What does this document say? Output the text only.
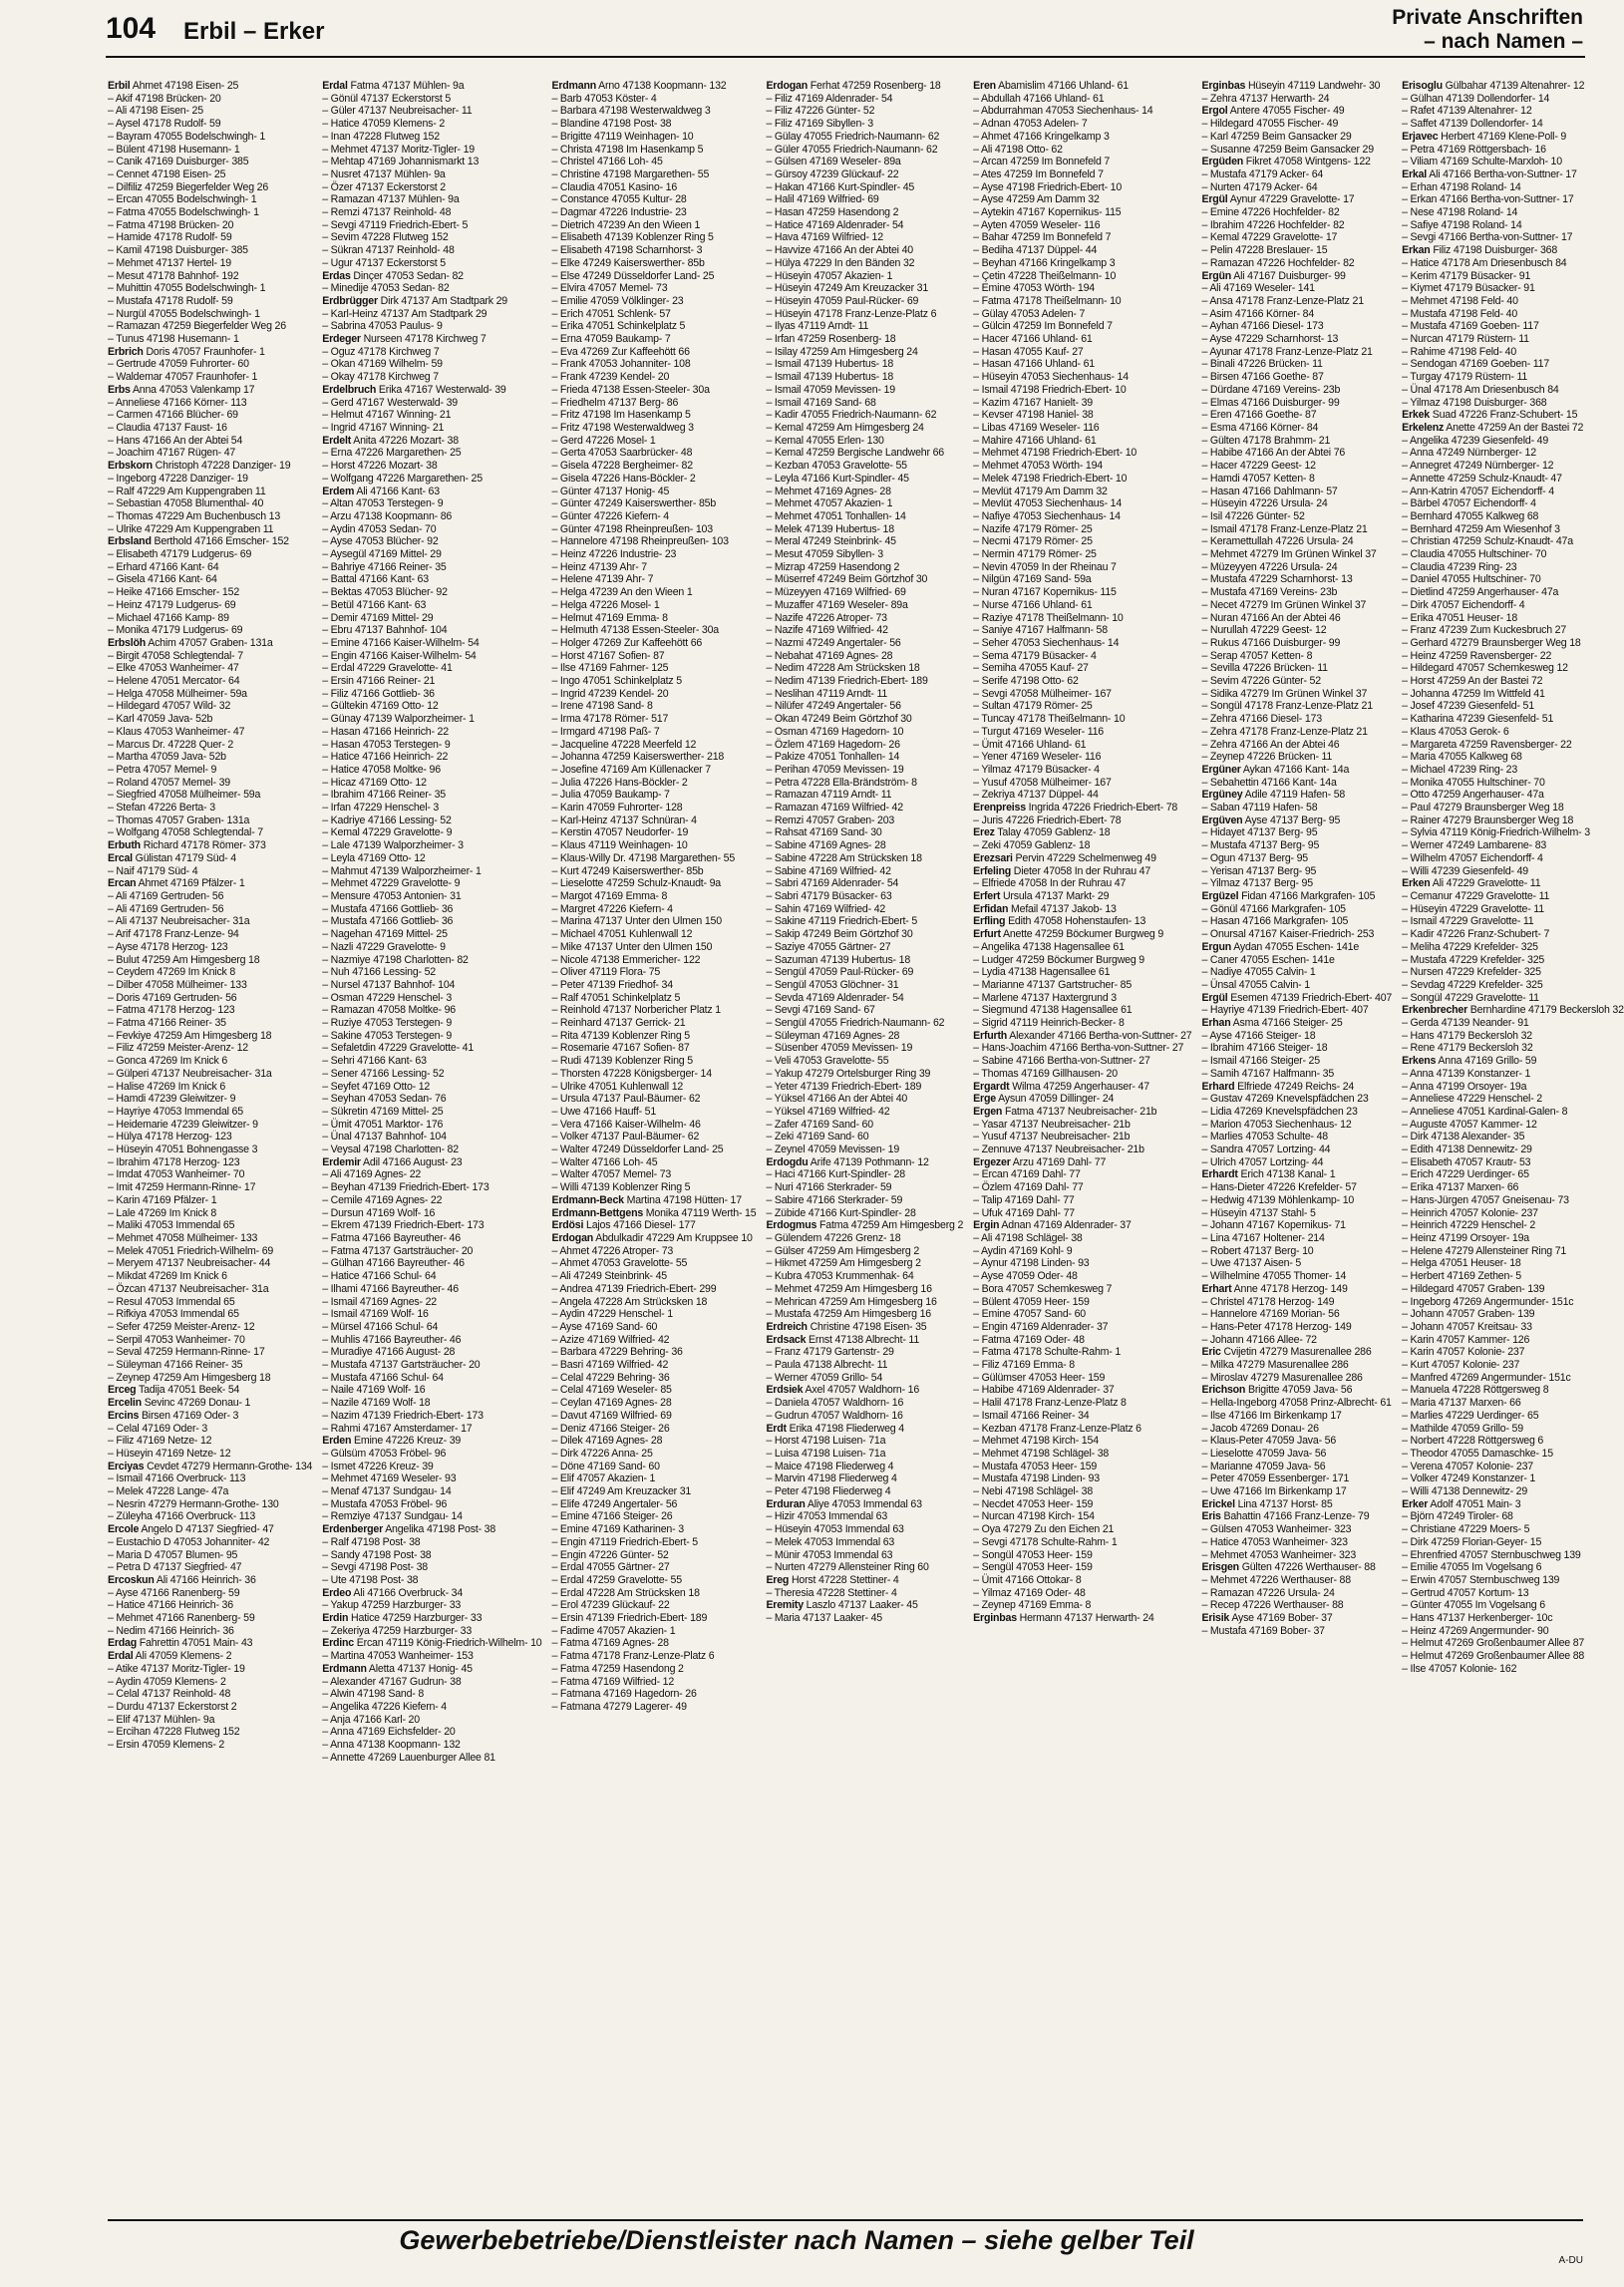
104 Erbil – Erker
Private Anschriften
– nach Namen –
Erbil Ahmet 47198 Eisen- 25
– Akif 47198 Brücken- 20
– Ali 47198 Eisen- 25
– Aysel 47178 Rudolf- 59
– Bayram 47055 Bodelschwingh- 1
– Bülent 47198 Husemann- 1
– Canik 47169 Duisburger- 385
– Cennet 47198 Eisen- 25
– Dilfiliz 47259 Biegerfelder Weg 26
– Ercan 47055 Bodelschwingh- 1
– Fatma 47055 Bodelschwingh- 1
– Fatma 47198 Brücken- 20
– Hamide 47178 Rudolf- 59
– Kamil 47198 Duisburger- 385
– Mehmet 47137 Hertel- 19
– Mesut 47178 Bahnhof- 192
– Muhittin 47055 Bodelschwingh- 1
– Mustafa 47178 Rudolf- 59
– Nurgül 47055 Bodelschwingh- 1
– Ramazan 47259 Biegerfelder Weg 26
– Tunus 47198 Husemann- 1
Erbrich Doris 47057 Fraunhofer- 1
– Gertrude 47059 Fuhrorter- 60
– Waldemar 47057 Fraunhofer- 1
Erbs Anna 47053 Valenkamp 17
– Anneliese 47166 Körner- 113
– Carmen 47166 Blücher- 69
– Claudia 47137 Faust- 16
– Hans 47166 An der Abtei 54
– Joachim 47167 Rügen- 47
Erbskorn Christoph 47228 Danziger- 19
– Ingeborg 47228 Danziger- 19
– Ralf 47229 Am Kuppengraben 11
– Sebastian 47058 Blumenthal- 40
– Thomas 47229 Am Buchenbusch 13
– Ulrike 47229 Am Kuppengraben 11
Erbsland Berthold 47166 Emscher- 152
– Elisabeth 47179 Ludgerus- 69
– Erhard 47166 Kant- 64
– Gisela 47166 Kant- 64
– Heike 47166 Emscher- 152
– Heinz 47179 Ludgerus- 69
– Michael 47166 Kamp- 89
– Monika 47179 Ludgerus- 69
Erbslöh Achim 47057 Graben- 131a
– Birgit 47058 Schlegtendal- 7
– Elke 47053 Wanheimer- 47
– Helene 47051 Mercator- 64
– Helga 47058 Mülheimer- 59a
– Hildegard 47057 Wild- 32
– Karl 47059 Java- 52b
– Klaus 47053 Wanheimer- 47
– Marcus Dr. 47228 Quer- 2
– Martha 47059 Java- 52b
– Petra 47057 Memel- 9
– Roland 47057 Memel- 39
– Siegfried 47058 Mülheimer- 59a
– Stefan 47226 Berta- 3
– Thomas 47057 Graben- 131a
– Wolfgang 47058 Schlegtendal- 7
Erbuth Richard 47178 Römer- 373
Ercal Gülistan 47179 Süd- 4
– Naif 47179 Süd- 4
Ercan Ahmet 47169 Pfälzer- 1
– Ali 47169 Gertruden- 56
– Ali 47169 Gertruden- 56
– Ali 47137 Neubreisacher- 31a
– Arif 47178 Franz-Lenze- 94
– Ayse 47178 Herzog- 123
– Bulut 47259 Am Himgesberg 18
– Ceydem 47269 Im Knick 8
– Dilber 47058 Mülheimer- 133
– Doris 47169 Gertruden- 56
– Fatma 47178 Herzog- 123
– Fatma 47166 Reiner- 35
– Fevkiye 47259 Am Himgesberg 18
– Filiz 47259 Meister-Arenz- 12
– Gonca 47269 Im Knick 6
– Gülperi 47137 Neubreisacher- 31a
– Halise 47269 Im Knick 6
– Hamdi 47239 Gleiwitzer- 9
– Hayriye 47053 Immendal 65
– Heidemarie 47239 Gleiwitzer- 9
– Hülya 47178 Herzog- 123
– Hüseyin 47051 Bohnengasse 3
– Ibrahim 47178 Herzog- 123
– Imdat 47053 Wanheimer- 70
– Imit 47259 Hermann-Rinne- 17
– Karin 47169 Pfälzer- 1
– Lale 47269 Im Knick 8
– Maliki 47053 Immendal 65
– Mehmet 47058 Mülheimer- 133
– Melek 47051 Friedrich-Wilhelm- 69
– Meryem 47137 Neubreisacher- 44
– Mikdat 47269 Im Knick 6
– Özcan 47137 Neubreisacher- 31a
– Resul 47053 Immendal 65
– Rifkiya 47053 Immendal 65
– Sefer 47259 Meister-Arenz- 12
– Serpil 47053 Wanheimer- 70
– Seval 47259 Hermann-Rinne- 17
– Süleyman 47166 Reiner- 35
– Zeynep 47259 Am Himgesberg 18
Erceg Tadija 47051 Beek- 54
Ercelin Sevinc 47269 Donau- 1
Ercins Birsen 47169 Oder- 3
– Celal 47169 Oder- 3
– Filiz 47169 Netze- 12
– Hüseyin 47169 Netze- 12
Erciyas Cevdet 47279 Hermann-Grothe- 134
– Ismail 47166 Overbruck- 113
– Melek 47228 Lange- 47a
– Nesrin 47279 Hermann-Grothe- 130
– Züleyha 47166 Overbruck- 113
Ercole Angelo D 47137 Siegfried- 47
– Eustachio D 47053 Johanniter- 42
– Maria D 47057 Blumen- 95
– Petra D 47137 Siegfried- 47
Ercoskun Ali 47166 Heinrich- 36
– Ayse 47166 Ranenberg- 59
– Hatice 47166 Heinrich- 36
– Mehmet 47166 Ranenberg- 59
– Nedim 47166 Heinrich- 36
Erdag Fahrettin 47051 Main- 43
Erdal Ali 47059 Klemens- 2
– Atike 47137 Moritz-Tigler- 19
– Aydin 47059 Klemens- 2
– Celal 47137 Reinhold- 48
– Durdu 47137 Eckerstorst 2
– Elif 47137 Mühlen- 9a
– Ercihan 47228 Flutweg 152
– Ersin 47059 Klemens- 2
Erdal Fatma 47137 Mühlen- 9a
– Gönül 47137 Eckerstorst 5
– Güler 47137 Neubreisacher- 11
– Hatice 47059 Klemens- 2
– Inan 47228 Flutweg 152
– Mehmet 47137 Moritz-Tigler- 19
– Mehtap 47169 Johannismarkt 13
– Nusret 47137 Mühlen- 9a
– Özer 47137 Eckerstorst 2
– Ramazan 47137 Mühlen- 9a
– Remzi 47137 Reinhold- 48
– Sevgi 47119 Friedrich-Ebert- 5
– Sevim 47228 Flutweg 152
– Sükran 47137 Reinhold- 48
– Ugur 47137 Eckerstorst 5
Erdas Dinçer 47053 Sedan- 82
– Minedije 47053 Sedan- 82
Erdbrügger Dirk 47137 Am Stadtpark 29
– Karl-Heinz 47137 Am Stadtpark 29
– Sabrina 47053 Paulus- 9
Erdeger Nurseen 47178 Kirchweg 7
– Oguz 47178 Kirchweg 7
– Okan 47169 Wilhelm- 59
– Okay 47178 Kirchweg 7
Erdelbruch Erika 47167 Westerwald- 39
– Gerd 47167 Westerwald- 39
– Helmut 47167 Winning- 21
– Ingrid 47167 Winning- 21
Erdelt Anita 47226 Mozart- 38
– Erna 47226 Margarethen- 25
– Horst 47226 Mozart- 38
– Wolfgang 47226 Margarethen- 25
Erdem Ali 47166 Kant- 63
– Altan 47053 Terstegen- 9
– Arzu 47138 Koopmann- 86
– Aydin 47053 Sedan- 70
– Ayse 47053 Blücher- 92
– Aysegül 47169 Mittel- 29
– Bahriye 47166 Reiner- 35
– Battal 47166 Kant- 63
– Bektas 47053 Blücher- 92
– Betül 47166 Kant- 63
– Demir 47169 Mittel- 29
– Ebru 47137 Bahnhof- 104
– Emine 47166 Kaiser-Wilhelm- 54
– Engin 47166 Kaiser-Wilhelm- 54
– Erdal 47229 Gravelotte- 41
– Ersin 47166 Reiner- 21
– Filiz 47166 Gottlieb- 36
– Gültekin 47169 Otto- 12
– Günay 47139 Walporzheimer- 1
– Hasan 47166 Heinrich- 22
– Hasan 47053 Terstegen- 9
– Hatice 47166 Heinrich- 22
– Hatice 47058 Moltke- 96
– Hicaz 47169 Otto- 12
– Ibrahim 47166 Reiner- 35
– Irfan 47229 Henschel- 3
– Kadriye 47166 Lessing- 52
– Kemal 47229 Gravelotte- 9
– Lale 47139 Walporzheimer- 3
– Leyla 47169 Otto- 12
– Mahmut 47139 Walporzheimer- 1
– Mehmet 47229 Gravelotte- 9
– Mensure 47053 Antonien- 31
– Mustafa 47166 Gottlieb- 36
– Mustafa 47166 Gottlieb- 36
– Nagehan 47169 Mittel- 25
– Nazli 47229 Gravelotte- 9
– Nazmiye 47198 Charlotten- 82
– Nuh 47166 Lessing- 52
– Nursel 47137 Bahnhof- 104
– Osman 47229 Henschel- 3
– Ramazan 47058 Moltke- 96
– Ruziye 47053 Terstegen- 9
– Sakine 47053 Terstegen- 9
– Sefaletdin 47229 Gravelotte- 41
– Sehri 47166 Kant- 63
– Sener 47166 Lessing- 52
– Seyfet 47169 Otto- 12
– Seyhan 47053 Sedan- 76
– Sükretin 47169 Mittel- 25
– Ümit 47051 Marktor- 176
– Ünal 47137 Bahnhof- 104
– Veysal 47198 Charlotten- 82
Erdemir Adil 47166 August- 23
– Ali 47169 Agnes- 22
– Beyhan 47139 Friedrich-Ebert- 173
– Cemile 47169 Agnes- 22
– Dursun 47169 Wolf- 16
– Ekrem 47139 Friedrich-Ebert- 173
– Fatma 47166 Bayreuther- 46
– Fatma 47137 Gartsträucher- 20
– Gülhan 47166 Bayreuther- 46
– Hatice 47166 Schul- 64
– Ilhami 47166 Bayreuther- 46
– Ismail 47169 Agnes- 22
– Ismail 47169 Wolf- 16
– Mürsel 47166 Schul- 64
– Muhlis 47166 Bayreuther- 46
– Muradiye 47166 August- 28
– Mustafa 47137 Gartsträucher- 20
– Mustafa 47166 Schul- 64
– Naile 47169 Wolf- 16
– Nazile 47169 Wolf- 18
– Nazim 47139 Friedrich-Ebert- 173
– Rahmi 47167 Amsterdamer- 17
Erden Emine 47226 Kreuz- 39
– Gülsüm 47053 Fröbel- 96
– Ismet 47226 Kreuz- 39
– Mehmet 47169 Weseler- 93
– Menaf 47137 Sundgau- 14
– Mustafa 47053 Fröbel- 96
– Remziye 47137 Sundgau- 14
Erdenberger Angelika 47198 Post- 38
– Ralf 47198 Post- 38
– Sandy 47198 Post- 38
– Sevgi 47198 Post- 38
– Ute 47198 Post- 38
Erdeo Ali 47166 Overbruck- 34
– Yakup 47259 Harzburger- 33
Erdin Hatice 47259 Harzburger- 33
– Zekeriya 47259 Harzburger- 33
Erdinc Ercan 47119 König-Friedrich-Wilhelm- 10
– Martina 47053 Wanheimer- 153
Erdmann Aletta 47137 Honig- 45
– Alexander 47167 Gudrun- 38
– Alwin 47198 Sand- 8
– Angelika 47226 Kiefern- 4
– Anja 47166 Karl- 20
– Anna 47169 Eichsfelder- 20
– Anna 47138 Koopmann- 132
– Annette 47269 Lauenburger Allee 81
Erdmann Arno 47138 Koopmann- 132
– Barb 47053 Köster- 4
– Barbara 47198 Westerwaldweg 3
– Blandine 47198 Post- 38
– Brigitte 47119 Weinhagen- 10
– Christa 47198 Im Hasenkamp 5
– Christel 47166 Loh- 45
– Christine 47198 Margarethen- 55
– Claudia 47051 Kasino- 16
– Constance 47055 Kultur- 28
– Dagmar 47226 Industrie- 23
– Dietrich 47239 An den Wieen 1
– Elisabeth 47139 Koblenzer Ring 5
– Elisabeth 47198 Scharnhorst- 3
– Elke 47249 Kaiserswerther- 85b
– Else 47249 Düsseldorfer Land- 25
– Elvira 47057 Memel- 73
– Emilie 47059 Völklinger- 23
– Erich 47051 Schlenk- 57
– Erika 47051 Schinkelplatz 5
– Erna 47059 Baukamp- 7
– Eva 47269 Zur Kaffeehött 66
– Frank 47053 Johanniter- 108
– Frank 47239 Kendel- 20
– Frieda 47138 Essen-Steeler- 30a
– Friedhelm 47137 Berg- 86
– Fritz 47198 Im Hasenkamp 5
– Fritz 47198 Westerwaldweg 3
– Gerd 47226 Mosel- 1
– Gerta 47053 Saarbrücker- 48
– Gisela 47228 Bergheimer- 82
– Gisela 47226 Hans-Böckler- 2
– Günter 47137 Honig- 45
– Günter 47249 Kaiserswerther- 85b
– Günter 47226 Kiefern- 4
– Günter 47198 Rheinpreußen- 103
– Hannelore 47198 Rheinpreußen- 103
– Heinz 47226 Industrie- 23
– Heinz 47139 Ahr- 7
– Helene 47139 Ahr- 7
– Helga 47239 An den Wieen 1
– Helga 47226 Mosel- 1
– Helmut 47169 Emma- 8
– Helmuth 47138 Essen-Steeler- 30a
– Holger 47269 Zur Kaffeehött 66
– Horst 47167 Sofien- 87
– Ilse 47169 Fahrner- 125
– Ingo 47051 Schinkelplatz 5
– Ingrid 47239 Kendel- 20
– Irene 47198 Sand- 8
– Irma 47178 Römer- 517
– Irmgard 47198 Paß- 7
– Jacqueline 47228 Meerfeld 12
– Johanna 47259 Kaiserswerther- 218
– Josefine 47169 Am Küllenacker 7
– Julia 47226 Hans-Böckler- 2
– Julia 47059 Baukamp- 7
– Karin 47059 Fuhrorter- 128
– Karl-Heinz 47137 Schnüran- 4
– Kerstin 47057 Neudorfer- 19
– Klaus 47119 Weinhagen- 10
– Klaus-Willy Dr. 47198 Margarethen- 55
– Kurt 47249 Kaiserswerther- 85b
– Lieselotte 47259 Schulz-Knaudt- 9a
– Margot 47169 Emma- 8
– Margret 47226 Kiefern- 4
– Marina 47137 Unter den Ulmen 150
– Michael 47051 Kuhlenwall 12
– Mike 47137 Unter den Ulmen 150
– Nicole 47138 Emmericher- 122
– Oliver 47119 Flora- 75
– Peter 47139 Friedhof- 34
– Ralf 47051 Schinkelplatz 5
– Reinhold 47137 Norbericher Platz 1
– Reinhard 47137 Gerrick- 21
– Rita 47139 Koblenzer Ring 5
– Rosemarie 47167 Sofien- 87
– Rudi 47139 Koblenzer Ring 5
– Thorsten 47228 Königsberger- 14
– Ulrike 47051 Kuhlenwall 12
– Ursula 47137 Paul-Bäumer- 62
– Uwe 47166 Hauff- 51
– Vera 47166 Kaiser-Wilhelm- 46
– Volker 47137 Paul-Bäumer- 62
– Walter 47249 Düsseldorfer Land- 25
– Walter 47166 Loh- 45
– Walter 47057 Memel- 73
– Willi 47139 Koblenzer Ring 5
Erdmann-Beck Martina 47198 Hütten- 17
Erdmann-Bettgens Monika 47119 Werth- 15
Erdösi Lajos 47166 Diesel- 177
Erdogan Abdulkadir 47229 Am Kruppsee 10
– Ahmet 47226 Atroper- 73
– Ahmet 47053 Gravelotte- 55
– Ali 47249 Steinbrink- 45
– Andrea 47139 Friedrich-Ebert- 299
– Angela 47228 Am Strücksken 18
– Aydin 47229 Henschel- 1
– Ayse 47169 Sand- 60
– Azize 47169 Wilfried- 42
– Barbara 47229 Behring- 36
– Basri 47169 Wilfried- 42
– Celal 47229 Behring- 36
– Celal 47169 Weseler- 85
– Ceylan 47169 Agnes- 28
– Davut 47169 Wilfried- 69
– Deniz 47166 Steiger- 26
– Dilek 47169 Agnes- 28
– Dirk 47226 Anna- 25
– Döne 47169 Sand- 60
– Elif 47057 Akazien- 1
– Elif 47249 Am Kreuzacker 31
– Elife 47249 Angertaler- 56
– Emine 47166 Steiger- 26
– Emine 47169 Katharinen- 3
– Engin 47119 Friedrich-Ebert- 5
– Engin 47226 Günter- 52
– Erdal 47055 Gärtner- 27
– Erdal 47259 Gravelotte- 55
– Erdal 47228 Am Strücksken 18
– Erol 47239 Glückauf- 22
– Ersin 47139 Friedrich-Ebert- 189
– Fadime 47057 Akazien- 1
– Fatma 47169 Agnes- 28
– Fatma 47178 Franz-Lenze-Platz 6
– Fatma 47259 Hasendong 2
– Fatma 47169 Wilfried- 12
– Fatmana 47169 Hagedorn- 26
– Fatmana 47279 Lagerer- 49
Erdogan Ferhat 47259 Rosenberg- 18
– Filiz 47169 Aldenrader- 54
– Filiz 47226 Günter- 52
– Filiz 47169 Sibyllen- 3
– Gülay 47055 Friedrich-Naumann- 62
– Güler 47055 Friedrich-Naumann- 62
– Gülsen 47169 Weseler- 89a
– Gürsoy 47239 Glückauf- 22
– Hakan 47166 Kurt-Spindler- 45
– Halil 47169 Wilfried- 69
– Hasan 47259 Hasendong 2
– Hatice 47169 Aldenrader- 54
– Hava 47169 Wilfried- 12
– Havvize 47166 An der Abtei 40
– Hülya 47229 In den Bänden 32
– Hüseyin 47057 Akazien- 1
– Hüseyin 47249 Am Kreuzacker 31
– Hüseyin 47059 Paul-Rücker- 69
– Hüseyin 47178 Franz-Lenze-Platz 6
– Ilyas 47119 Arndt- 11
– Irfan 47259 Rosenberg- 18
– Isilay 47259 Am Himgesberg 24
– Ismail 47139 Hubertus- 18
– Ismail 47139 Hubertus- 18
– Ismail 47059 Mevissen- 19
– Ismail 47169 Sand- 68
– Kadir 47055 Friedrich-Naumann- 62
– Kemal 47259 Am Himgesberg 24
– Kemal 47055 Erlen- 130
– Kemal 47259 Bergische Landwehr 66
– Kezban 47053 Gravelotte- 55
– Leyla 47166 Kurt-Spindler- 45
– Mehmet 47169 Agnes- 28
– Mehmet 47057 Akazien- 1
– Mehmet 47051 Tonhallen- 14
– Melek 47139 Hubertus- 18
– Meral 47249 Steinbrink- 45
– Mesut 47059 Sibyllen- 3
– Mizrap 47259 Hasendong 2
– Müserref 47249 Beim Görtzhof 30
– Müzeyyen 47169 Wilfried- 69
– Muzaffer 47169 Weseler- 89a
– Nazife 47226 Atroper- 73
– Nazife 47169 Wilfried- 42
– Nazmi 47249 Angertaler- 56
– Nebahat 47169 Agnes- 28
– Nedim 47228 Am Strücksken 18
– Nedim 47139 Friedrich-Ebert- 189
– Neslihan 47119 Arndt- 11
– Nilüfer 47249 Angertaler- 56
– Okan 47249 Beim Görtzhof 30
– Osman 47169 Hagedorn- 10
– Özlem 47169 Hagedorn- 26
– Pakize 47051 Tonhallen- 14
– Perihan 47059 Mevissen- 19
– Petra 47228 Ella-Brändström- 8
– Ramazan 47119 Arndt- 11
– Ramazan 47169 Wilfried- 42
– Remzi 47057 Graben- 203
– Rahsat 47169 Sand- 30
– Sabine 47169 Agnes- 28
– Sabine 47228 Am Strücksken 18
– Sabine 47169 Wilfried- 42
– Sabri 47169 Aldenrader- 54
– Sabri 47179 Büsacker- 63
– Sahin 47169 Wilfried- 42
– Sakine 47119 Friedrich-Ebert- 5
– Sakip 47249 Beim Görtzhof 30
– Saziye 47055 Gärtner- 27
– Sazuman 47139 Hubertus- 18
– Sengül 47059 Paul-Rücker- 69
– Sengül 47053 Glöchner- 31
– Sevda 47169 Aldenrader- 54
– Sevgi 47169 Sand- 67
– Sengül 47055 Friedrich-Naumann- 62
– Süleyman 47169 Agnes- 28
– Süsenber 47059 Mevissen- 19
– Veli 47053 Gravelotte- 55
– Yakup 47279 Ortelsburger Ring 39
– Yeter 47139 Friedrich-Ebert- 189
– Yüksel 47166 An der Abtei 40
– Yüksel 47169 Wilfried- 42
– Zafer 47169 Sand- 60
– Zeki 47169 Sand- 60
– Zeynel 47059 Mevissen- 19
Erdogdu Arife 47139 Pothmann- 12
– Haci 47166 Kurt-Spindler- 28
– Nuri 47166 Sterkrader- 59
– Sabire 47166 Sterkrader- 59
– Zübide 47166 Kurt-Spindler- 28
Erdogmus Fatma 47259 Am Himgesberg 2
– Gülendem 47226 Grenz- 18
– Gülser 47259 Am Himgesberg 2
– Hikmet 47259 Am Himgesberg 2
– Kubra 47053 Krummenhak- 64
– Mehmet 47259 Am Himgesberg 16
– Mehrican 47259 Am Himgesberg 16
– Mustafa 47259 Am Himgesberg 16
Erdreich Christine 47198 Eisen- 35
Erdsack Ernst 47138 Albrecht- 11
– Franz 47179 Gartenstr- 29
– Paula 47138 Albrecht- 11
– Werner 47059 Grillo- 54
Erdsiek Axel 47057 Waldhorn- 16
– Daniela 47057 Waldhorn- 16
– Gudrun 47057 Waldhorn- 16
Erdt Erika 47198 Fliederweg 4
– Horst 47198 Luisen- 71a
– Luisa 47198 Luisen- 71a
– Maice 47198 Fliederweg 4
– Marvin 47198 Fliederweg 4
– Peter 47198 Fliederweg 4
Erduran Aliye 47053 Immendal 63
– Hizir 47053 Immendal 63
– Hüseyin 47053 Immendal 63
– Melek 47053 Immendal 63
– Münir 47053 Immendal 63
– Nurten 47279 Allensteiner Ring 60
Ereg Horst 47228 Stettiner- 4
– Theresia 47228 Stettiner- 4
Eremity Laszlo 47137 Laaker- 45
– Maria 47137 Laaker- 45
Eren Abamislim 47166 Uhland- 61
– Abdullah 47166 Uhland- 61
– Abdurrahman 47053 Siechenhaus- 14
– Adnan 47053 Adelen- 7
– Ahmet 47166 Kringelkamp 3
– Ali 47198 Otto- 62
– Arcan 47259 Im Bonnefeld 7
– Ates 47259 Im Bonnefeld 7
– Ayse 47198 Friedrich-Ebert- 10
– Ayse 47259 Am Damm 32
– Aytekin 47167 Kopernikus- 115
– Ayten 47059 Weseler- 116
– Bahar 47259 Im Bonnefeld 7
– Bediha 47137 Düppel- 44
– Beyhan 47166 Kringelkamp 3
– Çetin 47228 Theißelmann- 10
– Emine 47053 Wörth- 194
– Fatma 47178 Theißelmann- 10
– Gülay 47053 Adelen- 7
– Gülcin 47259 Im Bonnefeld 7
– Hacer 47166 Uhland- 61
– Hasan 47055 Kauf- 27
– Hasan 47166 Uhland- 61
– Hüseyin 47053 Siechenhaus- 14
– Ismail 47198 Friedrich-Ebert- 10
– Kazim 47167 Hanielt- 39
– Kevser 47198 Haniel- 38
– Libas 47169 Weseler- 116
– Mahire 47166 Uhland- 61
– Mehmet 47198 Friedrich-Ebert- 10
– Mehmet 47053 Wörth- 194
– Melek 47198 Friedrich-Ebert- 10
– Mevlüt 47179 Am Damm 32
– Mevlüt 47053 Siechenhaus- 14
– Nafiye 47053 Siechenhaus- 14
– Nazife 47179 Römer- 25
– Necmi 47179 Römer- 25
– Nermin 47179 Römer- 25
– Nevin 47059 In der Rheinau 7
– Nilgün 47169 Sand- 59a
– Nuran 47167 Kopernikus- 115
– Nurse 47166 Uhland- 61
– Raziye 47178 Theißelmann- 10
– Saniye 47167 Halfmann- 58
– Seher 47053 Siechenhaus- 14
– Sema 47179 Büsacker- 4
– Semiha 47055 Kauf- 27
– Serife 47198 Otto- 62
– Sevgi 47058 Mülheimer- 167
– Sultan 47179 Römer- 25
– Tuncay 47178 Theißelmann- 10
– Turgut 47169 Weseler- 116
– Ümit 47166 Uhland- 61
– Yener 47169 Weseler- 116
– Yilmaz 47179 Büsacker- 4
– Yusuf 47058 Mülheimer- 167
– Zekriya 47137 Düppel- 44
Erenpreiss Ingrida 47226 Friedrich-Ebert- 78
– Juris 47226 Friedrich-Ebert- 78
Erez Talay 47059 Gablenz- 18
– Zeki 47059 Gablenz- 18
Erezsari Pervin 47229 Schelmenweg 49
Erfeling Dieter 47058 In der Ruhrau 47
– Elfriede 47058 In der Ruhrau 47
Erfert Ursula 47137 Markt- 29
Erfidan Mefail 47137 Jakob- 13
Erfling Edith 47058 Hohenstaufen- 13
Erfurt Anette 47259 Böckumer Burgweg 9
– Angelika 47138 Hagensallee 61
– Ludger 47259 Böckumer Burgweg 9
– Lydia 47138 Hagensallee 61
– Marianne 47137 Gartstrucher- 85
– Marlene 47137 Haxtergrund 3
– Siegmund 47138 Hagensallee 61
– Sigrid 47119 Heinrich-Becker- 8
Erfurth Alexander 47166 Bertha-von-Suttner- 27
– Hans-Joachim 47166 Bertha-von-Suttner- 27
– Sabine 47166 Bertha-von-Suttner- 27
– Thomas 47169 Gillhausen- 20
Ergardt Wilma 47259 Angerhauser- 47
Erge Aysun 47059 Dillinger- 24
Ergen Fatma 47137 Neubreisacher- 21b
– Yasar 47137 Neubreisacher- 21b
– Yusuf 47137 Neubreisacher- 21b
– Zennuve 47137 Neubreisacher- 21b
Ergezer Arzu 47169 Dahl- 77
– Ercan 47169 Dahl- 77
– Özlem 47169 Dahl- 77
– Talip 47169 Dahl- 77
– Ufuk 47169 Dahl- 77
Ergin Adnan 47169 Aldenrader- 37
– Ali 47198 Schlägel- 38
– Aydin 47169 Kohl- 9
– Aynur 47198 Linden- 93
– Ayse 47059 Oder- 48
– Bora 47057 Schemkesweg 7
– Bülent 47059 Heer- 159
– Emine 47057 Sand- 60
– Engin 47169 Aldenrader- 37
– Fatma 47169 Oder- 48
– Fatma 47178 Schulte-Rahm- 1
– Filiz 47169 Emma- 8
– Gülümser 47053 Heer- 159
– Habibe 47169 Aldenrader- 37
– Halil 47178 Franz-Lenze-Platz 8
– Ismail 47166 Reiner- 34
– Kezban 47178 Franz-Lenze-Platz 6
– Mehmet 47198 Kirch- 154
– Mehmet 47198 Schlägel- 38
– Mustafa 47053 Heer- 159
– Mustafa 47198 Linden- 93
– Nebi 47198 Schlägel- 38
– Necdet 47053 Heer- 159
– Nurcan 47198 Kirch- 154
– Oya 47279 Zu den Eichen 21
– Sevgi 47178 Schulte-Rahm- 1
– Songül 47053 Heer- 159
– Sengül 47053 Heer- 159
– Ümit 47166 Ottokar- 8
– Yilmaz 47169 Oder- 48
– Zeynep 47169 Emma- 8
Erginbas Hermann 47137 Herwarth- 24
Erginbas Hüseyin 47119 Landwehr- 30
– Zehra 47137 Herwarth- 24
Ergol Antere 47055 Fischer- 49
– Hildegard 47055 Fischer- 49
– Karl 47259 Beim Gansacker 29
– Susanne 47259 Beim Gansacker 29
Ergüden Fikret 47058 Wintgens- 122
– Mustafa 47179 Acker- 64
– Nurten 47179 Acker- 64
Ergül Aynur 47229 Gravelotte- 17
– Emine 47226 Hochfelder- 82
– Ibrahim 47226 Hochfelder- 82
– Kemal 47229 Gravelotte- 17
– Pelin 47228 Breslauer- 15
– Ramazan 47226 Hochfelder- 82
Ergün Ali 47167 Duisburger- 99
– Ali 47169 Weseler- 141
– Ansa 47178 Franz-Lenze-Platz 21
– Asim 47166 Körner- 84
– Ayhan 47166 Diesel- 173
– Ayse 47229 Scharnhorst- 13
– Ayunar 47178 Franz-Lenze-Platz 21
– Binali 47226 Brücken- 11
– Birsen 47166 Goethe- 87
– Dürdane 47169 Vereins- 23b
– Elmas 47166 Duisburger- 99
– Eren 47166 Goethe- 87
– Esma 47166 Körner- 84
– Gülten 47178 Brahmm- 21
– Habibe 47166 An der Abtei 76
– Hacer 47229 Geest- 12
– Hamdi 47057 Ketten- 8
– Hasan 47166 Dahlmann- 57
– Hüseyin 47226 Ursula- 24
– Isil 47226 Günter- 52
– Ismail 47178 Franz-Lenze-Platz 21
– Keramettullah 47226 Ursula- 24
– Mehmet 47279 Im Grünen Winkel 37
– Müzeyyen 47226 Ursula- 24
– Mustafa 47229 Scharnhorst- 13
– Mustafa 47169 Vereins- 23b
– Necet 47279 Im Grünen Winkel 37
– Nuran 47166 An der Abtei 46
– Nurullah 47229 Geest- 12
– Rukus 47166 Duisburger- 99
– Serap 47057 Ketten- 8
– Sevilla 47226 Brücken- 11
– Sevim 47226 Günter- 52
– Sidika 47279 Im Grünen Winkel 37
– Songül 47178 Franz-Lenze-Platz 21
– Zehra 47166 Diesel- 173
– Zehra 47178 Franz-Lenze-Platz 21
– Zehra 47166 An der Abtei 46
– Zeynep 47226 Brücken- 11
Ergüner Aykan 47166 Kant- 14a
– Sebahettin 47166 Kant- 14a
Ergüney Adile 47119 Hafen- 58
– Saban 47119 Hafen- 58
Ergüven Ayse 47137 Berg- 95
– Hidayet 47137 Berg- 95
– Mustafa 47137 Berg- 95
– Ogun 47137 Berg- 95
– Yerisan 47137 Berg- 95
– Yilmaz 47137 Berg- 95
Ergüzel Fidan 47166 Markgrafen- 105
– Gönül 47166 Markgrafen- 105
– Hasan 47166 Markgrafen- 105
– Onursal 47167 Kaiser-Friedrich- 253
Ergun Aydan 47055 Eschen- 141e
– Caner 47055 Eschen- 141e
– Nadiye 47055 Calvin- 1
– Ünsal 47055 Calvin- 1
Ergül Esemen 47139 Friedrich-Ebert- 407
– Hayriye 47139 Friedrich-Ebert- 407
Erhan Asma 47166 Steiger- 25
– Ayse 47166 Steiger- 18
– Ibrahim 47166 Steiger- 18
– Ismail 47166 Steiger- 25
– Samih 47167 Halfmann- 35
Erhard Elfriede 47249 Reichs- 24
– Gustav 47269 Knevelspfädchen 23
– Lidia 47269 Knevelspfädchen 23
– Marion 47053 Siechenhaus- 12
– Marlies 47053 Schulte- 48
– Sandra 47057 Lortzing- 44
– Ulrich 47057 Lortzing- 44
Erhardt Erich 47138 Kanal- 1
– Hans-Dieter 47226 Krefelder- 57
– Hedwig 47139 Möhlenkamp- 10
– Hüseyin 47137 Stahl- 5
– Johann 47167 Kopernikus- 71
– Lina 47167 Holtener- 214
– Robert 47137 Berg- 10
– Uwe 47137 Aisen- 5
– Wilhelmine 47055 Thomer- 14
Erhart Anne 47178 Herzog- 149
– Christel 47178 Herzog- 149
– Hannelore 47169 Morian- 56
– Hans-Peter 47178 Herzog- 149
– Johann 47166 Allee- 72
Eric Cvijetin 47279 Masurenallee 286
– Milka 47279 Masurenallee 286
– Miroslav 47279 Masurenallee 286
Erichson Brigitte 47059 Java- 56
– Hella-Ingeborg 47058 Prinz-Albrecht- 61
– Ilse 47166 Im Birkenkamp 17
– Jacob 47269 Donau- 26
– Klaus-Peter 47059 Java- 56
– Lieselotte 47059 Java- 56
– Marianne 47059 Java- 56
– Peter 47059 Essenberger- 171
– Uwe 47166 Im Birkenkamp 17
Erickel Lina 47137 Horst- 85
Eris Bahattin 47166 Franz-Lenze- 79
– Gülsen 47053 Wanheimer- 323
– Hatice 47053 Wanheimer- 323
– Mehmet 47053 Wanheimer- 323
Erisgen Gülten 47226 Werthauser- 88
– Mehmet 47226 Werthauser- 88
– Ramazan 47226 Ursula- 24
– Recep 47226 Werthauser- 88
Erisik Ayse 47169 Bober- 37
– Mustafa 47169 Bober- 37
Erisoglu Gülbahar 47139 Altenahrer- 12
– Gülhan 47139 Dollendorfer- 14
– Rafet 47139 Altenahrer- 12
– Saffet 47139 Dollendorfer- 14
Erjavec Herbert 47169 Klene-Poll- 9
– Petra 47169 Röttgersbach- 16
– Viliam 47169 Schulte-Marxloh- 10
Erkal Ali 47166 Bertha-von-Suttner- 17
– Erhan 47198 Roland- 14
– Erkan 47166 Bertha-von-Suttner- 17
– Nese 47198 Roland- 14
– Safiye 47198 Roland- 14
– Sevgi 47166 Bertha-von-Suttner- 17
Erkan Filiz 47198 Duisburger- 368
– Hatice 47178 Am Driesenbusch 84
– Kerim 47179 Büsacker- 91
– Kiymet 47179 Büsacker- 91
– Mehmet 47198 Feld- 40
– Mustafa 47198 Feld- 40
– Mustafa 47169 Goeben- 117
– Nurcan 47179 Rüstern- 11
– Rahime 47198 Feld- 40
– Sendogan 47169 Goeben- 117
– Turgay 47179 Rüstern- 11
– Ünal 47178 Am Driesenbusch 84
– Yilmaz 47198 Duisburger- 368
Erkek Suad 47226 Franz-Schubert- 15
Erkelenz Anette 47259 An der Bastei 72
– Angelika 47239 Giesenfeld- 49
– Anna 47249 Nürnberger- 12
– Annegret 47249 Nürnberger- 12
– Annette 47259 Schulz-Knaudt- 47
– Ann-Katrin 47057 Eichendorff- 4
– Bärbel 47057 Eichendorff- 4
– Bernhard 47055 Kalkweg 68
– Bernhard 47259 Am Wiesenhof 3
– Christian 47259 Schulz-Knaudt- 47a
– Claudia 47055 Hultschiner- 70
– Claudia 47239 Ring- 23
– Daniel 47055 Hultschiner- 70
– Dietlind 47259 Angerhauser- 47a
– Dirk 47057 Eichendorff- 4
– Erika 47051 Heuser- 18
– Franz 47239 Zum Kuckesbruch 27
– Gerhard 47279 Braunsberger Weg 18
– Heinz 47259 Ravensberger- 22
– Hildegard 47057 Schemkesweg 12
– Horst 47259 An der Bastei 72
– Johanna 47259 Im Wittfeld 41
– Josef 47239 Giesenfeld- 51
– Katharina 47239 Giesenfeld- 51
– Klaus 47053 Gerok- 6
– Margareta 47259 Ravensberger- 22
– Maria 47055 Kalkweg 68
– Michael 47239 Ring- 23
– Monika 47055 Hultschiner- 70
– Otto 47259 Angerhauser- 47a
– Paul 47279 Braunsberger Weg 18
– Rainer 47279 Braunsberger Weg 18
– Sylvia 47119 König-Friedrich-Wilhelm- 3
– Werner 47249 Lambarene- 83
– Wilhelm 47057 Eichendorff- 4
– Willi 47239 Giesenfeld- 49
Erken Ali 47229 Gravelotte- 11
– Cemanur 47229 Gravelotte- 11
– Hüseyin 47229 Gravelotte- 11
– Ismail 47229 Gravelotte- 11
– Kadir 47226 Franz-Schubert- 7
– Meliha 47229 Krefelder- 325
– Mustafa 47229 Krefelder- 325
– Nursen 47229 Krefelder- 325
– Sevdag 47229 Krefelder- 325
– Songül 47229 Gravelotte- 11
Erkenbrecher Bernhardine 47179 Beckersloh 32
– Gerda 47139 Neander- 91
– Hans 47179 Beckersloh 32
– Rene 47179 Beckersloh 32
Erkens Anna 47169 Grillo- 59
– Anna 47139 Konstanzer- 1
– Anna 47199 Orsoyer- 19a
– Anneliese 47229 Henschel- 2
– Anneliese 47051 Kardinal-Galen- 8
– Auguste 47057 Kammer- 12
– Dirk 47138 Alexander- 35
– Edith 47138 Dennewitz- 29
– Elisabeth 47057 Krautr- 53
– Erich 47229 Uerdinger- 65
– Erika 47137 Marxen- 66
– Hans-Jürgen 47057 Gneisenau- 73
– Heinrich 47057 Kolonie- 237
– Heinrich 47229 Henschel- 2
– Heinz 47199 Orsoyer- 19a
– Helene 47279 Allensteiner Ring 71
– Helga 47051 Heuser- 18
– Herbert 47169 Zethen- 5
– Hildegard 47057 Graben- 139
– Ingeborg 47269 Angermunder- 151c
– Johann 47057 Graben- 139
– Johann 47057 Kreitsau- 33
– Karin 47057 Kammer- 126
– Karin 47057 Kolonie- 237
– Kurt 47057 Kolonie- 237
– Manfred 47269 Angermunder- 151c
– Manuela 47228 Röttgersweg 8
– Maria 47137 Marxen- 66
– Marlies 47229 Uerdinger- 65
– Mathilde 47059 Grillo- 59
– Norbert 47228 Röttgersweg 6
– Theodor 47055 Damaschke- 15
– Verena 47057 Kolonie- 237
– Volker 47249 Konstanzer- 1
– Willi 47138 Dennewitz- 29
Erker Adolf 47051 Main- 3
– Björn 47249 Tiroler- 68
– Christiane 47229 Moers- 5
– Dirk 47259 Florian-Geyer- 15
– Ehrenfried 47057 Sternbuschweg 139
– Emilie 47055 Im Vogelsang 6
– Erwin 47057 Sternbuschweg 139
– Gertrud 47057 Kortum- 13
– Günter 47055 Im Vogelsang 6
– Hans 47137 Herkenberger- 10c
– Heinz 47269 Angermunder- 90
– Helmut 47269 Großenbaumer Allee 87
– Helmut 47269 Großenbaumer Allee 88
– Ilse 47057 Kolonie- 162
Gewerbebetriebe/Dienstleister nach Namen – siehe gelber Teil
A-DU
